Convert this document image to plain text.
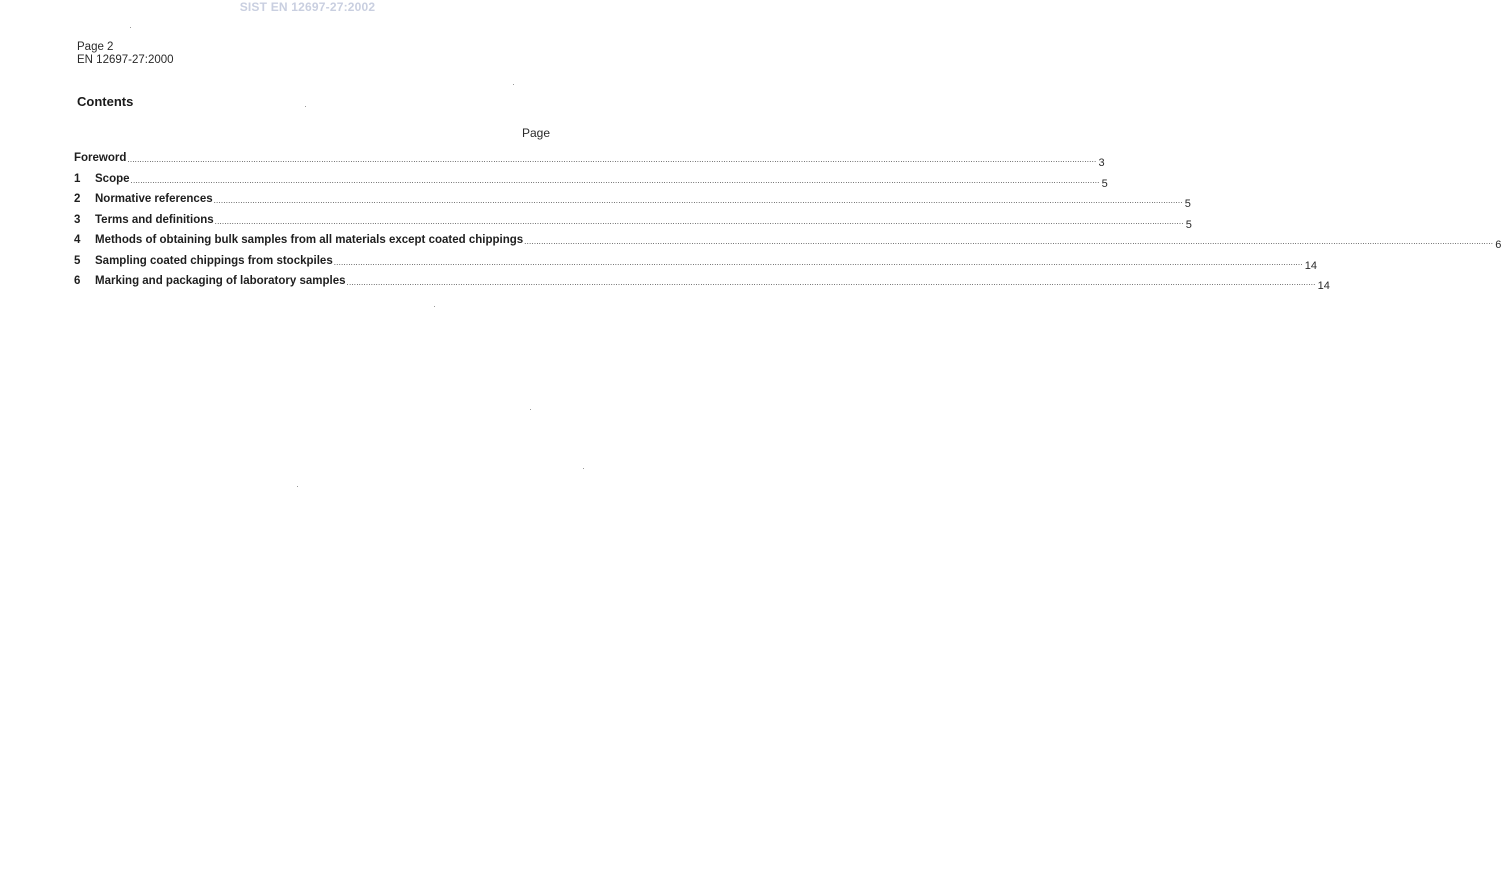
SIST EN 12697-27:2002
Page 2
EN 12697-27:2000
Contents
Page
Foreword ................................................................................................................................................................................................................................................................................................................................................................................................................ 3
1	Scope ................................................................................................................................................................................................................................................................................................................................................................................................................ 5
2	Normative references ................................................................................................................................................................................................................................................................................................................................................................................................................ 5
3	Terms and definitions ................................................................................................................................................................................................................................................................................................................................................................................................................ 5
4	Methods of obtaining bulk samples from all materials except coated chippings ................................................................................................................................................................................................................................................................................................................................................................................................................ 6
5	Sampling coated chippings from stockpiles ................................................................................................................................................................................................................................................................................................................................................................................................................ 14
6	Marking and packaging of laboratory samples ................................................................................................................................................................................................................................................................................................................................................................................................................ 14
